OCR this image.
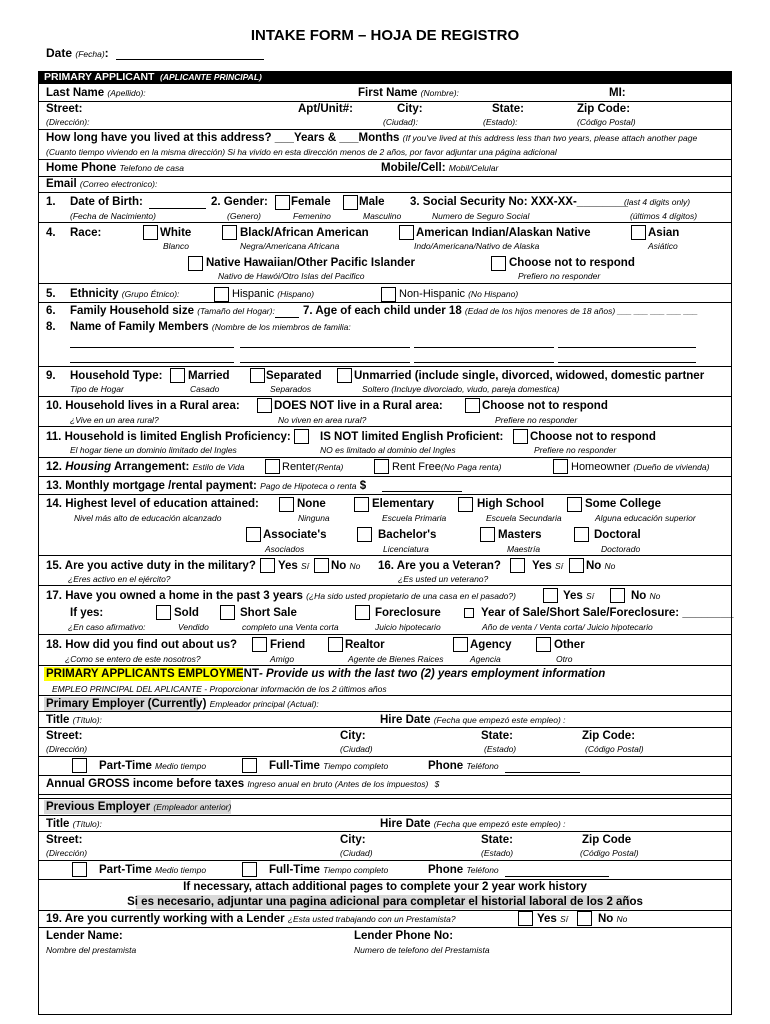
INTAKE FORM – HOJA DE REGISTRO
Date (Fecha):
PRIMARY APPLICANT (APLICANTE PRINCIPAL)
Last Name (Apellido):	First Name (Nombre):	MI:
Street:	Apt/Unit#:	City:	State:	Zip Code:
(Dirección):	(Ciudad):	(Estado):	(Código Postal)
How long have you lived at this address? ___Years & ___Months (If you've lived at this address less than two years, please attach another page
(Cuanto tiempo viviendo en la misma dirección) Si ha vivido en esta dirección menos de 2 años, por favor adjuntar una página adicional
Home Phone Telefono de casa	Mobile/Cell: Mobil/Celular
Email (Correo electronico):
1. Date of Birth:	2. Gender: Female Male 3. Social Security No: XXX-XX-________
(last 4 digits only)
(Fecha de Nacimiento)	(Genero)	Femenino	Masculino	Numero de Seguro Social	(últimos 4 dígitos)
4. Race:	White	Black/African American	American Indian/Alaskan Native	Asian
Blanco	Negra/Americana Africana	Indo/Americana/Nativo de Alaska	Asiático
Native Hawaiian/Other Pacific Islander	Choose not to respond
Nativo de Hawói/Otro Islas del Pacifico	Prefiero no responder
5. Ethnicity (Grupo Étnico):	Hispanic (Hispano)	Non-Hispanic (No Hispano)
6. Family Household size (Tamaño del Hogar): 7. Age of each child under 18 (Edad de los hijos menores de 18 años) ___ ___ ___ ___ ___
8. Name of Family Members (Nombre de los miembros de familia:
9. Household Type: Married	Separated	Unmarried (include single, divorced, widowed, domestic partner
Tipo de Hogar	Casado	Separados	Soltero (Incluye divorciado, viudo, pareja domestica)
10. Household lives in a Rural area:	DOES NOT live in a Rural area:	Choose not to respond
¿Vive en un area rural?	No viven en area rural?	Prefiere no responder
11. Household is limited English Proficiency:	IS NOT limited English Proficient: Choose not to respond
El hogar tiene un dominio limitado del Ingles	NO es limitado al dominio del Ingles	Prefiere no responder
12. Housing Arrangement: Estilo de Vida	Renter(Renta)	Rent Free(No Paga renta)	Homeowner (Dueño de vivienda)
13. Monthly mortgage /rental payment: Pago de Hipoteca o renta $
14. Highest level of education attained:	None	Elementary	High School	Some College
Nivel más alto de educación alcanzado	Ninguna	Escuela Primaria	Escuela Secundaria	Alguna educación superior
Associate's	Bachelor's	Masters	Doctoral
Asociados	Licenciatura	Maestría	Doctorado
15. Are you active duty in the military? Yes Sí No No 16. Are you a Veteran?	Yes Sí No No
¿Eres activo en el ejército?	¿Es usted un veterano?
17. Have you owned a home in the past 3 years (¿Ha sido usted propietario de una casa en el pasado?)	Yes Sí	No No
If yes:	Sold	Short Sale	Foreclosure	Year of Sale/Short Sale/Foreclosure: ________
¿En caso afirmativo:	Vendido	completo una Venta corta	Juicio hipotecario	Año de venta / Venta corta/ Juicio hipotecario
18. How did you find out about us?	Friend	Realtor	Agency	Other
¿Como se entero de este nosotros?	Amigo	Agente de Bienes Raices	Agencia	Otro
PRIMARY APPLICANTS EMPLOYMENT- Provide us with the last two (2) years employment information
EMPLEO PRINCIPAL DEL APLICANTE - Proporcionar información de los 2 últimos años
Primary Employer (Currently) Empleador principal (Actual):
Title (Título):	Hire Date (Fecha que empezó este empleo) :
Street:	City:	State:	Zip Code:
(Dirección)	(Ciudad)	(Estado)	(Código Postal)
Part-Time Medio tiempo	Full-Time Tiempo completo	Phone Teléfono
Annual GROSS income before taxes Ingreso anual en bruto (Antes de los impuestos) $
Previous Employer (Empleador anterior)
Title (Título):	Hire Date (Fecha que empezó este empleo) :
Street:	City:	State:	Zip Code
(Dirección)	(Ciudad)	(Estado)	(Código Postal)
Part-Time Medio tiempo	Full-Time Tiempo completo	Phone Teléfono
If necessary, attach additional pages to complete your 2 year work history
Si es necesario, adjuntar una pagina adicional para completar el historial laboral de los 2 años
19. Are you currently working with a Lender ¿Esta usted trabajando con un Prestamista?	Yes Sí	No No
Lender Name:	Lender Phone No:
Nombre del prestamista	Numero de telefono del Prestamista
